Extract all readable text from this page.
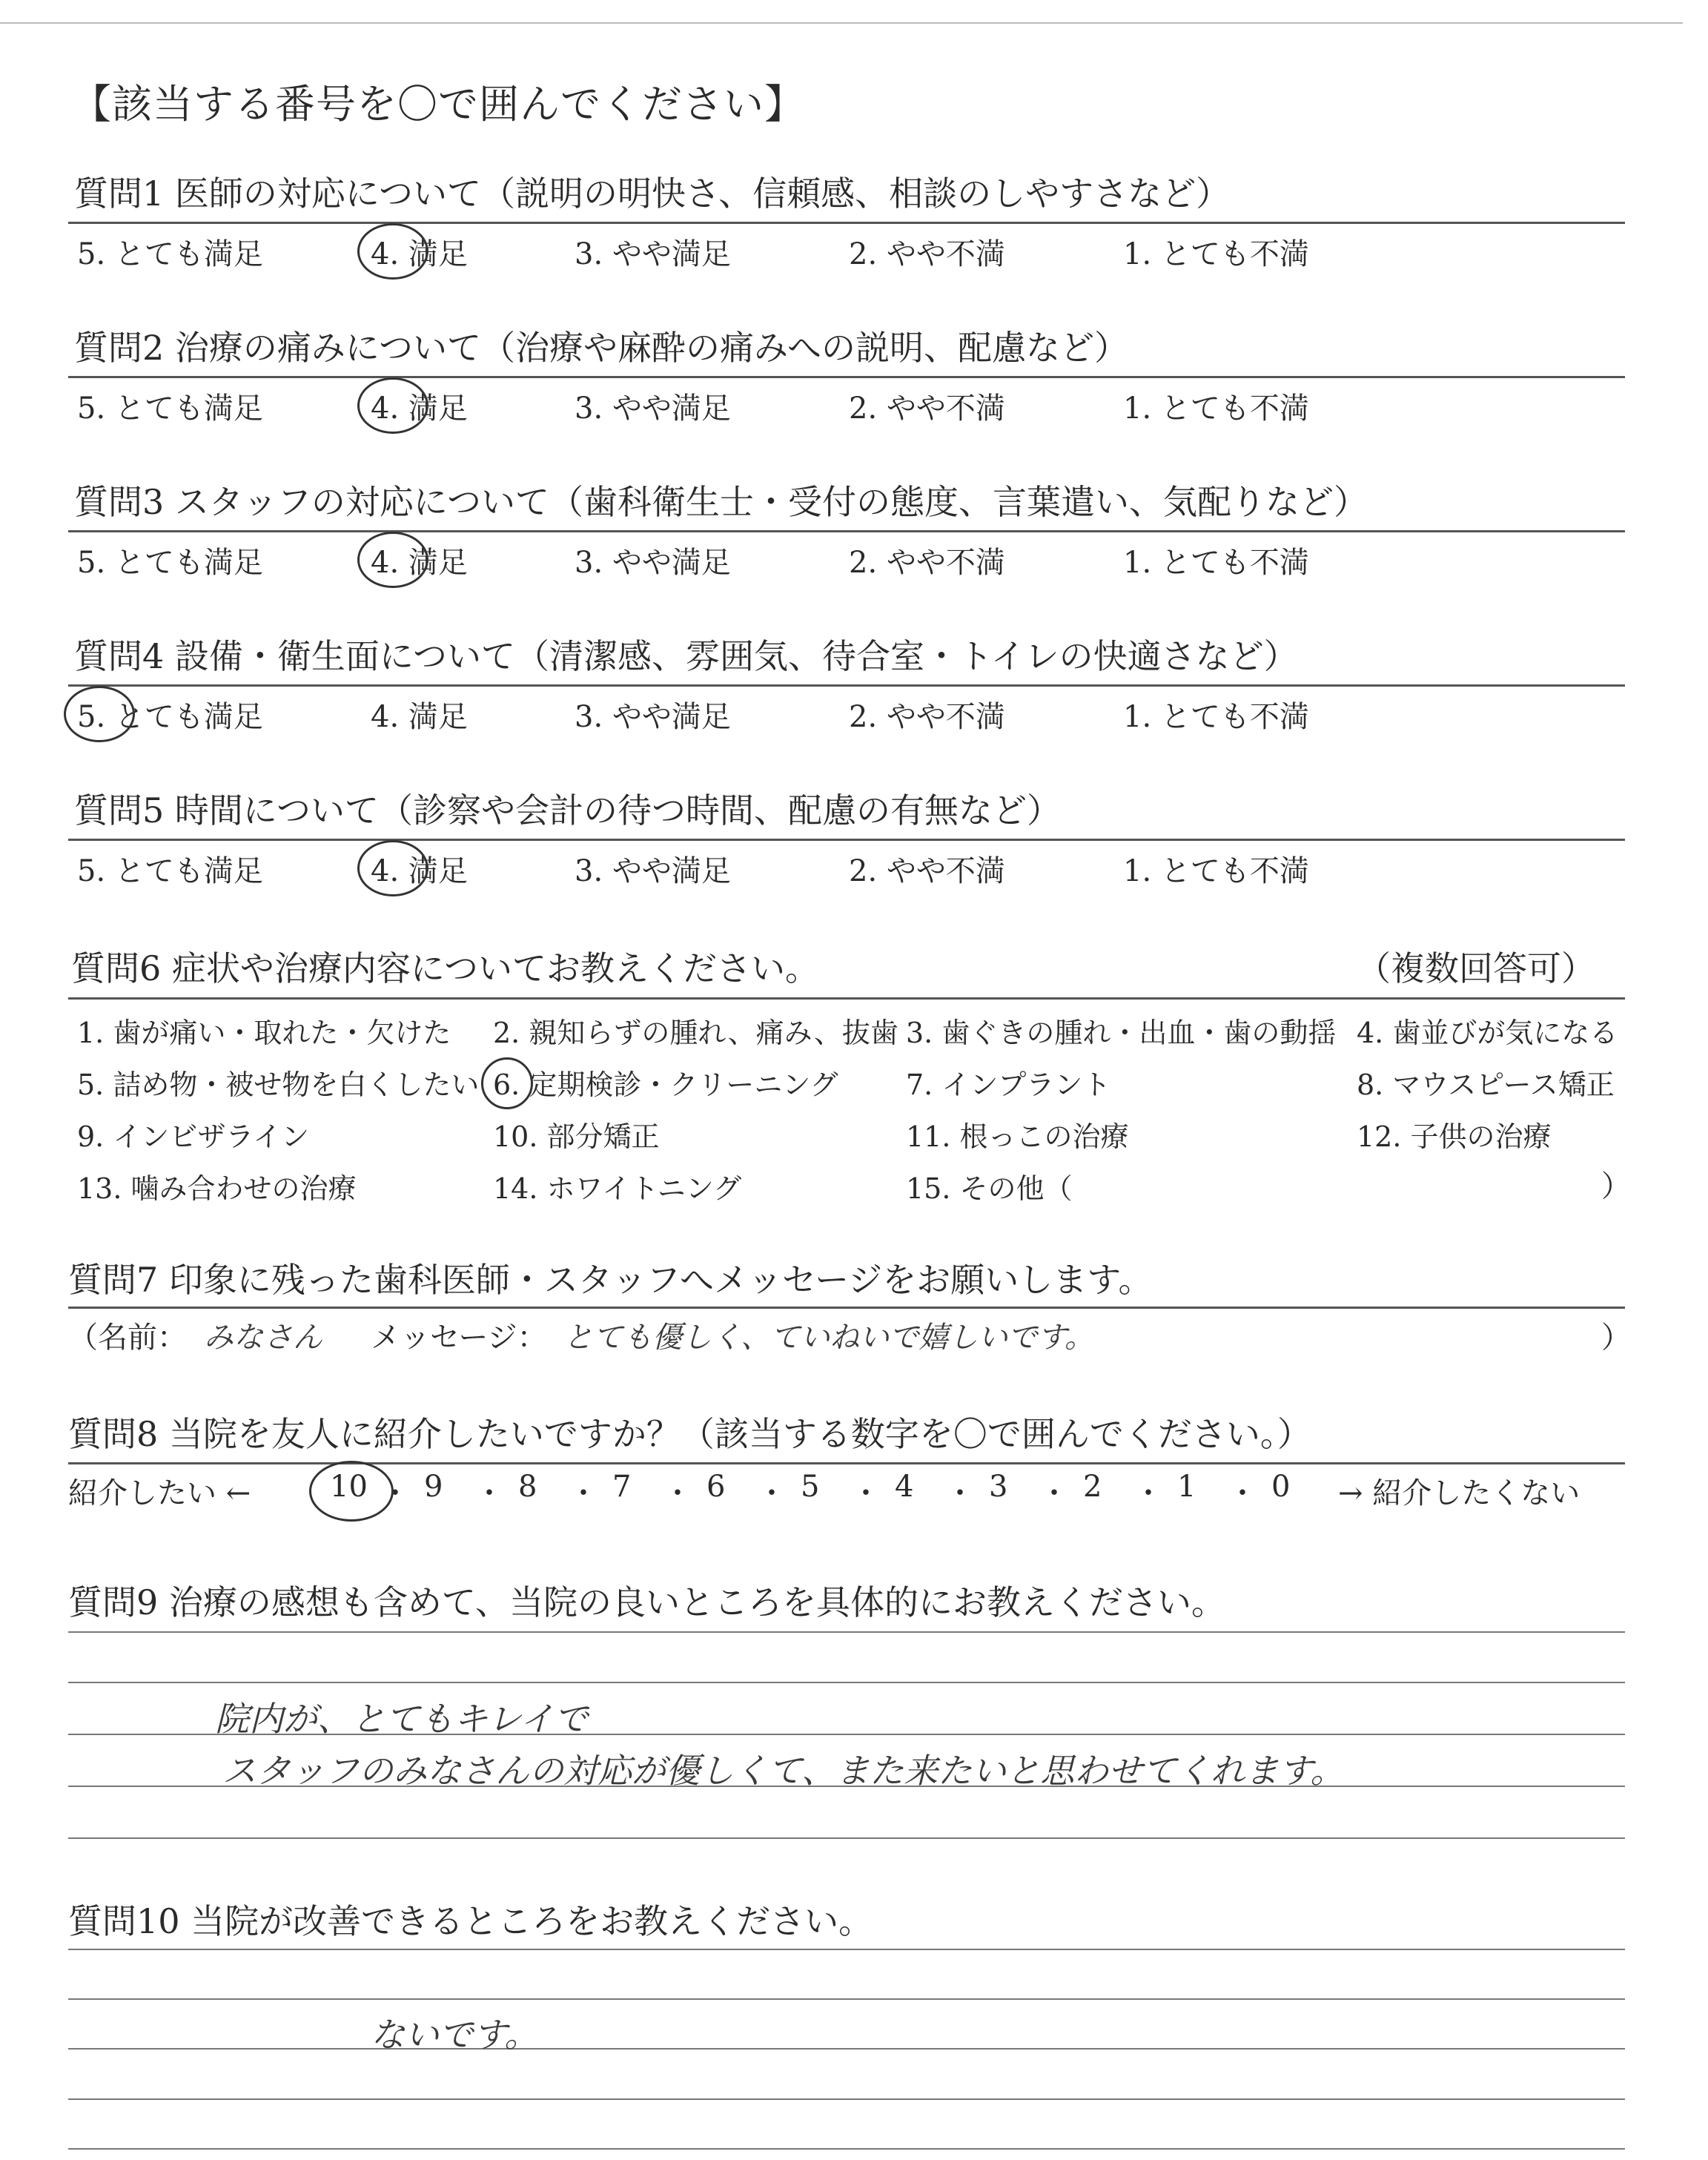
【該当する番号を〇で囲んでください】
質問1 医師の対応について（説明の明快さ、信頼感、相談のしやすさなど）
5. とても満足	4. 満足	3. やや満足	2. やや不満	1. とても不満
質問2 治療の痛みについて（治療や麻酔の痛みへの説明、配慮など）
5. とても満足	4. 満足	3. やや満足	2. やや不満	1. とても不満
質問3 スタッフの対応について（歯科衛生士・受付の態度、言葉遣い、気配りなど）
5. とても満足	4. 満足	3. やや満足	2. やや不満	1. とても不満
質問4 設備・衛生面について（清潔感、雰囲気、待合室・トイレの快適さなど）
5. とても満足	4. 満足	3. やや満足	2. やや不満	1. とても不満
質問5 時間について（診察や会計の待つ時間、配慮の有無など）
5. とても満足	4. 満足	3. やや満足	2. やや不満	1. とても不満
質問6 症状や治療内容についてお教えください。	（複数回答可）
1. 歯が痛い・取れた・欠けた 2. 親知らずの腫れ、痛み、抜歯 3. 歯ぐきの腫れ・出血・歯の動揺 4. 歯並びが気になる
5. 詰め物・被せ物を白くしたい 6. 定期検診・クリーニング 7. インプラント	8. マウスピース矯正
9. インビザライン	10. 部分矯正	11. 根っこの治療	12. 子供の治療
13. 噛み合わせの治療	14. ホワイトニング	15. その他（	）
質問7 印象に残った歯科医師・スタッフへメッセージをお願いします。
（名前： みなさん メッセージ： とても優しく、ていねいで嬉しいです。	）
質問8 当院を友人に紹介したいですか？（該当する数字を〇で囲んでください。）
紹介したい ←	10 ・ 9 ・ 8 ・ 7 ・ 6 ・ 5 ・ 4 ・ 3 ・ 2 ・ 1 ・ 0 → 紹介したくない
質問9 治療の感想も含めて、当院の良いところを具体的にお教えください。
院内が、とてもキレイで
スタッフのみなさんの対応が優しくて、また来たいと思わせてくれます。
質問10 当院が改善できるところをお教えください。
ないです。
